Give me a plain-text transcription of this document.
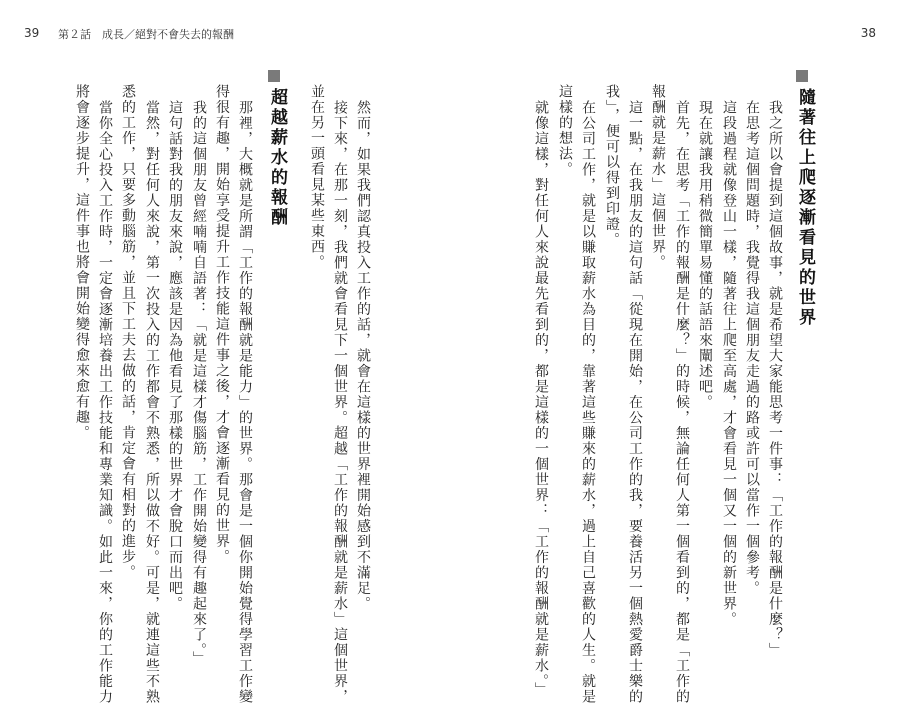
39 第２話　成長／絕對不會失去的報酬	38
隨著往上爬逐漸看見的世界
我之所以會提到這個故事，就是希望大家能思考一件事：「工作的報酬是什麼？」
在思考這個問題時，我覺得我這個朋友走過的路或許可以當作一個參考。
這段過程就像登山一樣，隨著往上爬至高處，才會看見一個又一個的新世界。
現在就讓我用稍微簡單易懂的話語來闡述吧。
首先，在思考「工作的報酬是什麼？」的時候，無論任何人第一個看到的，都是「工作的
報酬就是薪水」這個世界。
這一點，在我朋友的這句話「從現在開始，在公司工作的我，要養活另一個熱愛爵士樂的
我」，便可以得到印證。
在公司工作，就是以賺取薪水為目的，靠著這些賺來的薪水，過上自己喜歡的人生。就是
這樣的想法。
就像這樣，對任何人來說最先看到的，都是這樣的一個世界：「工作的報酬就是薪水。」
然而，如果我們認真投入工作的話，就會在這樣的世界裡開始感到不滿足。
接下來，在那一刻，我們就會看見下一個世界。超越「工作的報酬就是薪水」這個世界，
並在另一頭看見某些東西。
超越薪水的報酬
那裡，大概就是所謂「工作的報酬就是能力」的世界。那會是一個你開始覺得學習工作變
得很有趣，開始享受提升工作技能這件事之後，才會逐漸看見的世界。
我的這個朋友曾經喃喃自語著：「就是這樣才傷腦筋，工作開始變得有趣起來了。」
這句話對我的朋友來說，應該是因為他看見了那樣的世界才會脫口而出吧。
當然，對任何人來說，第一次投入的工作都會不熟悉，所以做不好。可是，就連這些不熟
悉的工作，只要多動腦筋，並且下工夫去做的話，肯定會有相對的進步。
當你全心投入工作時，一定會逐漸培養出工作技能和專業知識。如此一來，你的工作能力
將會逐步提升，這件事也將會開始變得愈來愈有趣。
